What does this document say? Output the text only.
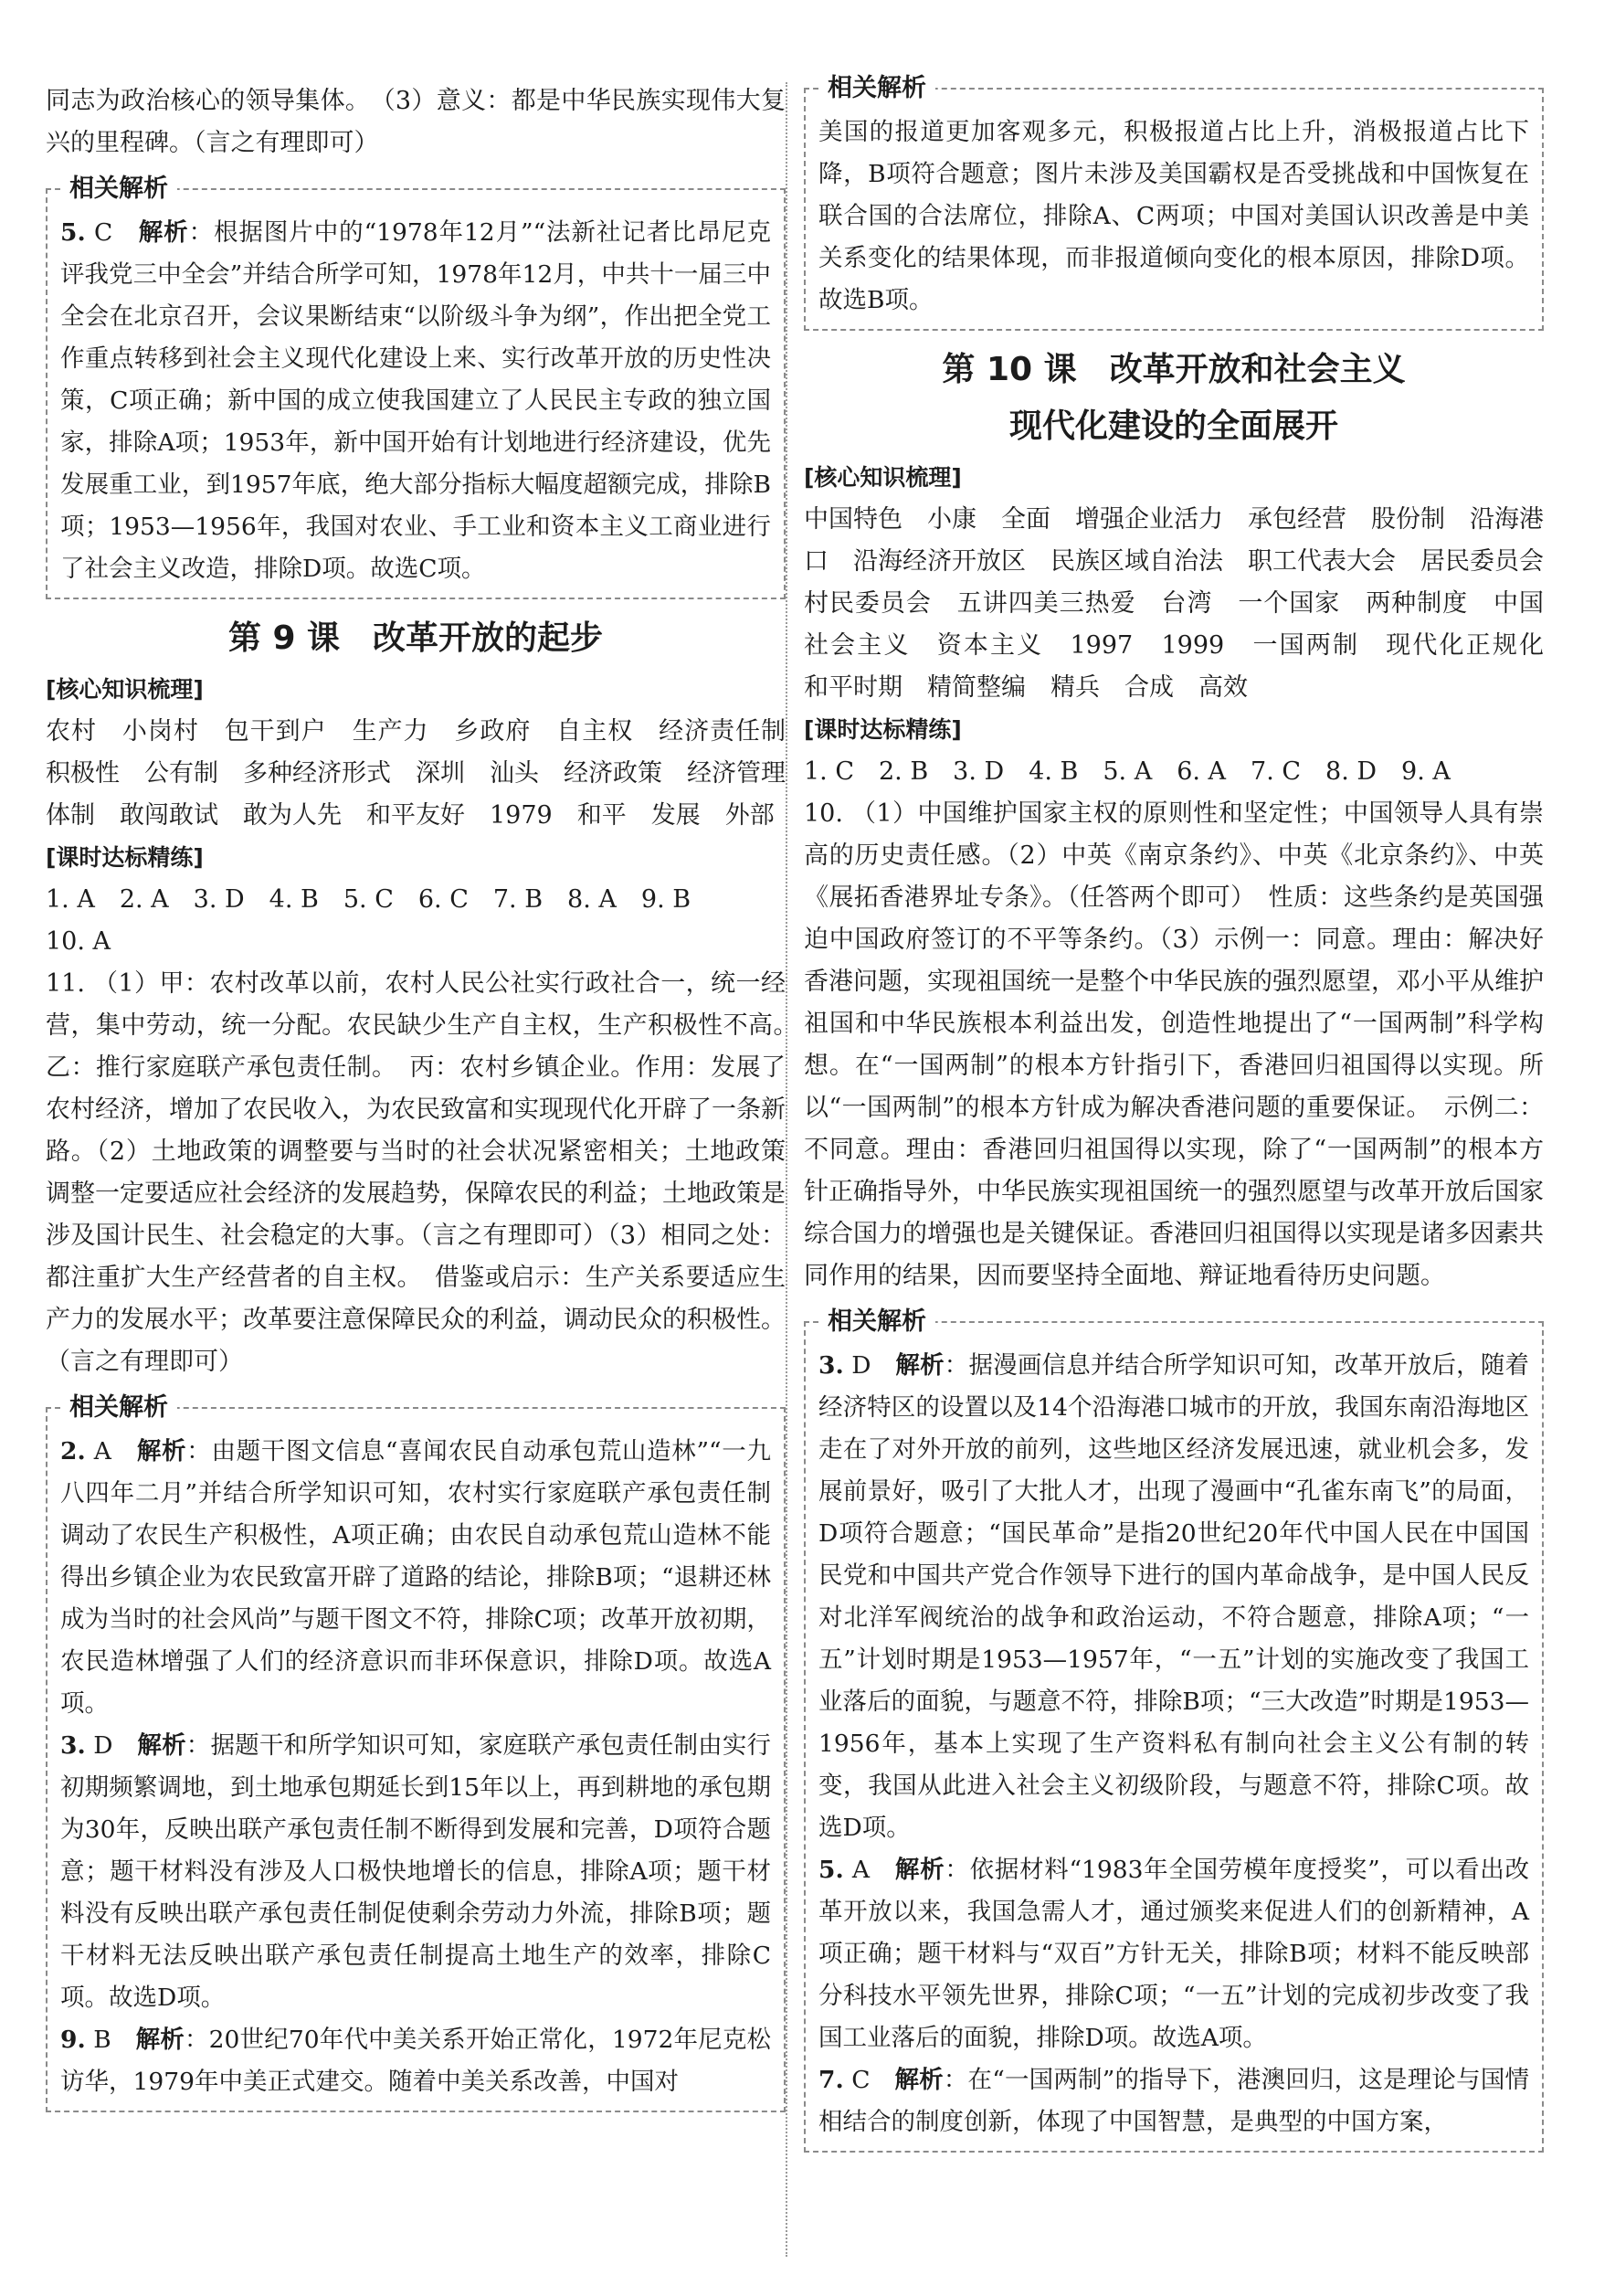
同志为政治核心的领导集体。　 （3）意义：都是中华民族实现伟大复兴的里程碑。（言之有理即可）

相关解析

5. C　 解析：根据图片中的“1978年12月”“法新社记者比昂尼克评我党三中全会”并结合所学可知，1978年12月，中共十一届三中全会在北京召开，会议果断结束“以阶级斗争为纲”，作出把全党工作重点转移到社会主义现代化建设上来、实行改革开放的历史性决策，C项正确；新中国的成立使我国建立了人民民主专政的独立国家，排除A项；1953年，新中国开始有计划地进行经济建设，优先发展重工业，到1957年底，绝大部分指标大幅度超额完成，排除B项；1953—1956年，我国对农业、手工业和资本主义工商业进行了社会主义改造，排除D项。故选C项。

第 9 课　改革开放的起步
[核心知识梳理]

农村　小岗村　包干到户　生产力　乡政府　自主权　经济责任制　积极性　公有制　多种经济形式　深圳　汕头　经济政策　经济管理体制　敢闯敢试　敢为人先　和平友好　1979　和平　发展　外部

[课时达标精练]

1. A　2. A　3. D　4. B　5. C　6. C　7. B　8. A　9. B

10. A

11. （1）甲：农村改革以前，农村人民公社实行政社合一，统一经营，集中劳动，统一分配。农民缺少生产自主权，生产积极性不高。　乙：推行家庭联产承包责任制。　丙：农村乡镇企业。作用：发展了农村经济，增加了农民收入，为农民致富和实现现代化开辟了一条新路。（2）土地政策的调整要与当时的社会状况紧密相关；土地政策调整一定要适应社会经济的发展趋势，保障农民的利益；土地政策是涉及国计民生、社会稳定的大事。（言之有理即可）（3）相同之处：都注重扩大生产经营者的自主权。　借鉴或启示：生产关系要适应生产力的发展水平；改革要注意保障民众的利益，调动民众的积极性。（言之有理即可）

相关解析

2. A　 解析：由题干图文信息“喜闻农民自动承包荒山造林”“一九八四年二月”并结合所学知识可知，农村实行家庭联产承包责任制调动了农民生产积极性，A项正确；由农民自动承包荒山造林不能得出乡镇企业为农民致富开辟了道路的结论，排除B项；“退耕还林成为当时的社会风尚”与题干图文不符，排除C项；改革开放初期，农民造林增强了人们的经济意识而非环保意识，排除D项。故选A项。

3. D　 解析：据题干和所学知识可知，家庭联产承包责任制由实行初期频繁调地，到土地承包期延长到15年以上，再到耕地的承包期为30年，反映出联产承包责任制不断得到发展和完善，D项符合题意；题干材料没有涉及人口极快地增长的信息，排除A项；题干材料没有反映出联产承包责任制促使剩余劳动力外流，排除B项；题干材料无法反映出联产承包责任制提高土地生产的效率，排除C项。故选D项。

9. B　 解析：20世纪70年代中美关系开始正常化，1972年尼克松访华，1979年中美正式建交。随着中美关系改善，中国对

相关解析

美国的报道更加客观多元，积极报道占比上升，消极报道占比下降，B项符合题意；图片未涉及美国霸权是否受挑战和中国恢复在联合国的合法席位，排除A、C两项；中国对美国认识改善是中美关系变化的结果体现，而非报道倾向变化的根本原因，排除D项。故选B项。

第 10 课　改革开放和社会主义
现代化建设的全面展开
[核心知识梳理]

中国特色　小康　全面　增强企业活力　承包经营　股份制　沿海港口　沿海经济开放区　民族区域自治法　职工代表大会　居民委员会　村民委员会　五讲四美三热爱　台湾　一个国家　两种制度　中国　社会主义　资本主义　1997　1999　一国两制　现代化正规化　和平时期　精简整编　精兵　合成　高效

[课时达标精练]

1. C　2. B　3. D　4. B　5. A　6. A　7. C　8. D　9. A

10. （1）中国维护国家主权的原则性和坚定性；中国领导人具有崇高的历史责任感。（2）中英《南京条约》、中英《北京条约》、中英《展拓香港界址专条》。（任答两个即可）　性质：这些条约是英国强迫中国政府签订的不平等条约。（3）示例一：同意。理由：解决好香港问题，实现祖国统一是整个中华民族的强烈愿望，邓小平从维护祖国和中华民族根本利益出发，创造性地提出了“一国两制”科学构想。在“一国两制”的根本方针指引下，香港回归祖国得以实现。所以“一国两制”的根本方针成为解决香港问题的重要保证。　示例二：不同意。理由：香港回归祖国得以实现，除了“一国两制”的根本方针正确指导外，中华民族实现祖国统一的强烈愿望与改革开放后国家综合国力的增强也是关键保证。香港回归祖国得以实现是诸多因素共同作用的结果，因而要坚持全面地、辩证地看待历史问题。

相关解析

3. D　 解析：据漫画信息并结合所学知识可知，改革开放后，随着经济特区的设置以及14个沿海港口城市的开放，我国东南沿海地区走在了对外开放的前列，这些地区经济发展迅速，就业机会多，发展前景好，吸引了大批人才，出现了漫画中“孔雀东南飞”的局面，D项符合题意；“国民革命”是指20世纪20年代中国人民在中国国民党和中国共产党合作领导下进行的国内革命战争，是中国人民反对北洋军阀统治的战争和政治运动，不符合题意，排除A项；“一五”计划时期是1953—1957年，“一五”计划的实施改变了我国工业落后的面貌，与题意不符，排除B项；“三大改造”时期是1953—1956年，基本上实现了生产资料私有制向社会主义公有制的转变，我国从此进入社会主义初级阶段，与题意不符，排除C项。故选D项。

5. A　 解析：依据材料“1983年全国劳模年度授奖”，可以看出改革开放以来，我国急需人才，通过颁奖来促进人们的创新精神，A项正确；题干材料与“双百”方针无关，排除B项；材料不能反映部分科技水平领先世界，排除C项；“一五”计划的完成初步改变了我国工业落后的面貌，排除D项。故选A项。

7. C　 解析：在“一国两制”的指导下，港澳回归，这是理论与国情相结合的制度创新，体现了中国智慧，是典型的中国方案，
